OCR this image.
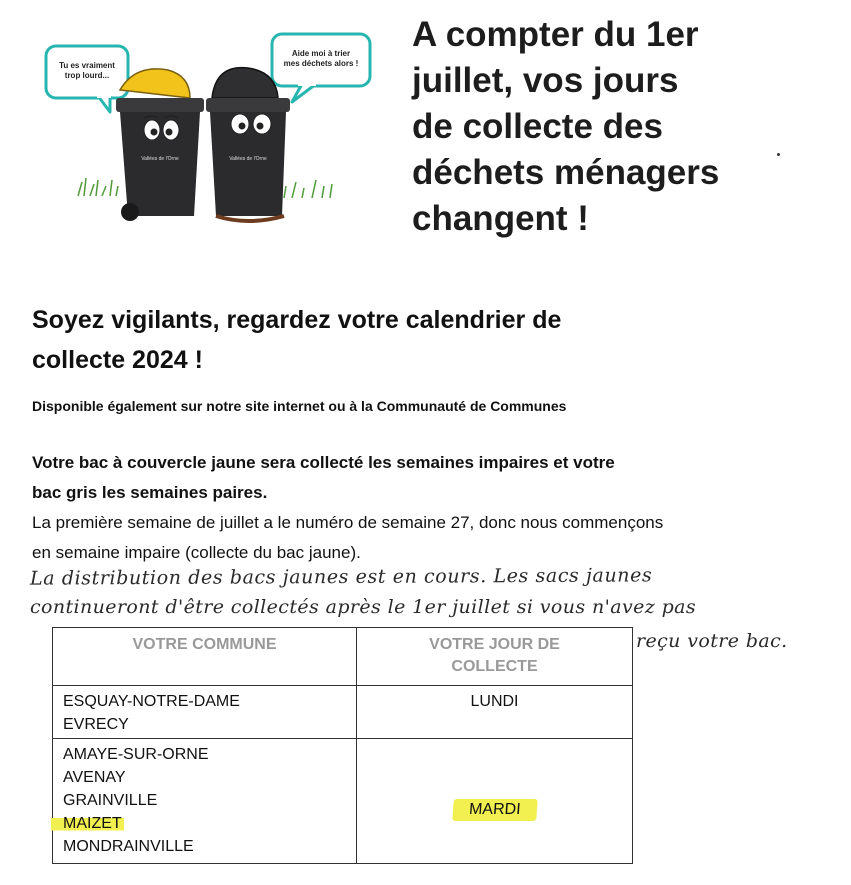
Tu es vraiment
trop lourd...
Aide moi à trier
mes déchets alors !
Vallées de l'Orne	Vallées de l'Orne
A compter du 1er
juillet, vos jours
de collecte des
déchets ménagers
changent !
Soyez vigilants, regardez votre calendrier de
collecte 2024 !
Disponible également sur notre site internet ou à la Communauté de Communes
Votre bac à couvercle jaune sera collecté les semaines impaires et votre
bac gris les semaines paires.
La première semaine de juillet a le numéro de semaine 27, donc nous commençons
en semaine impaire (collecte du bac jaune).
La distribution des bacs jaunes est en cours. Les sacs jaunes
continueront d'être collectés après le 1er juillet si vous n'avez pas
reçu votre bac.
VOTRE COMMUNE	VOTRE JOUR DE
COLLECTE

ESQUAY-NOTRE-DAME
EVRECY	LUNDI

AMAYE-SUR-ORNE
AVENAY
GRAINVILLE
MAIZET
MONDRAINVILLE	MARDI
